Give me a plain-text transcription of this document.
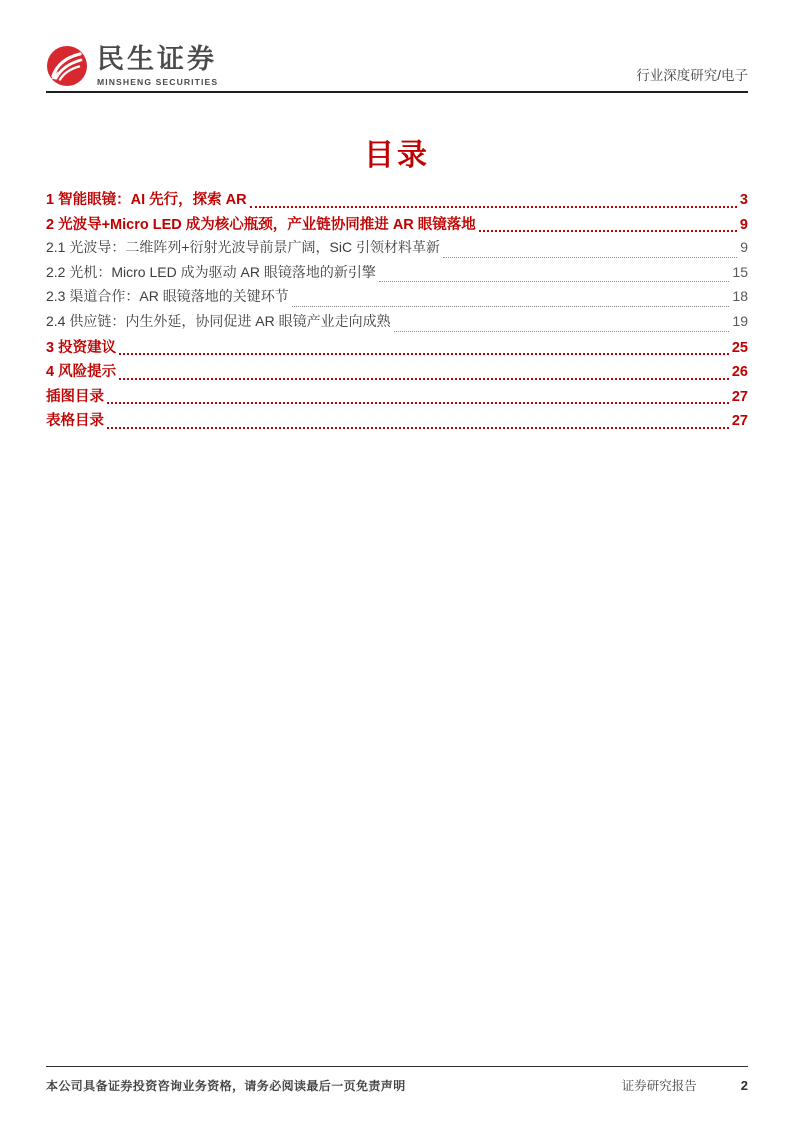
民生证券
MINSHENG SECURITIES	行业深度研究/电子
目录
1 智能眼镜：AI 先行，探索 AR	3
2 光波导+Micro LED 成为核心瓶颈，产业链协同推进 AR 眼镜落地	9
2.1 光波导：二维阵列+衍射光波导前景广阔，SiC 引领材料革新	9
2.2 光机：Micro LED 成为驱动 AR 眼镜落地的新引擎	15
2.3 渠道合作：AR 眼镜落地的关键环节	18
2.4 供应链：内生外延，协同促进 AR 眼镜产业走向成熟	19
3 投资建议	25
4 风险提示	26
插图目录	27
表格目录	27
本公司具备证券投资咨询业务资格，请务必阅读最后一页免责声明	证券研究报告	2
